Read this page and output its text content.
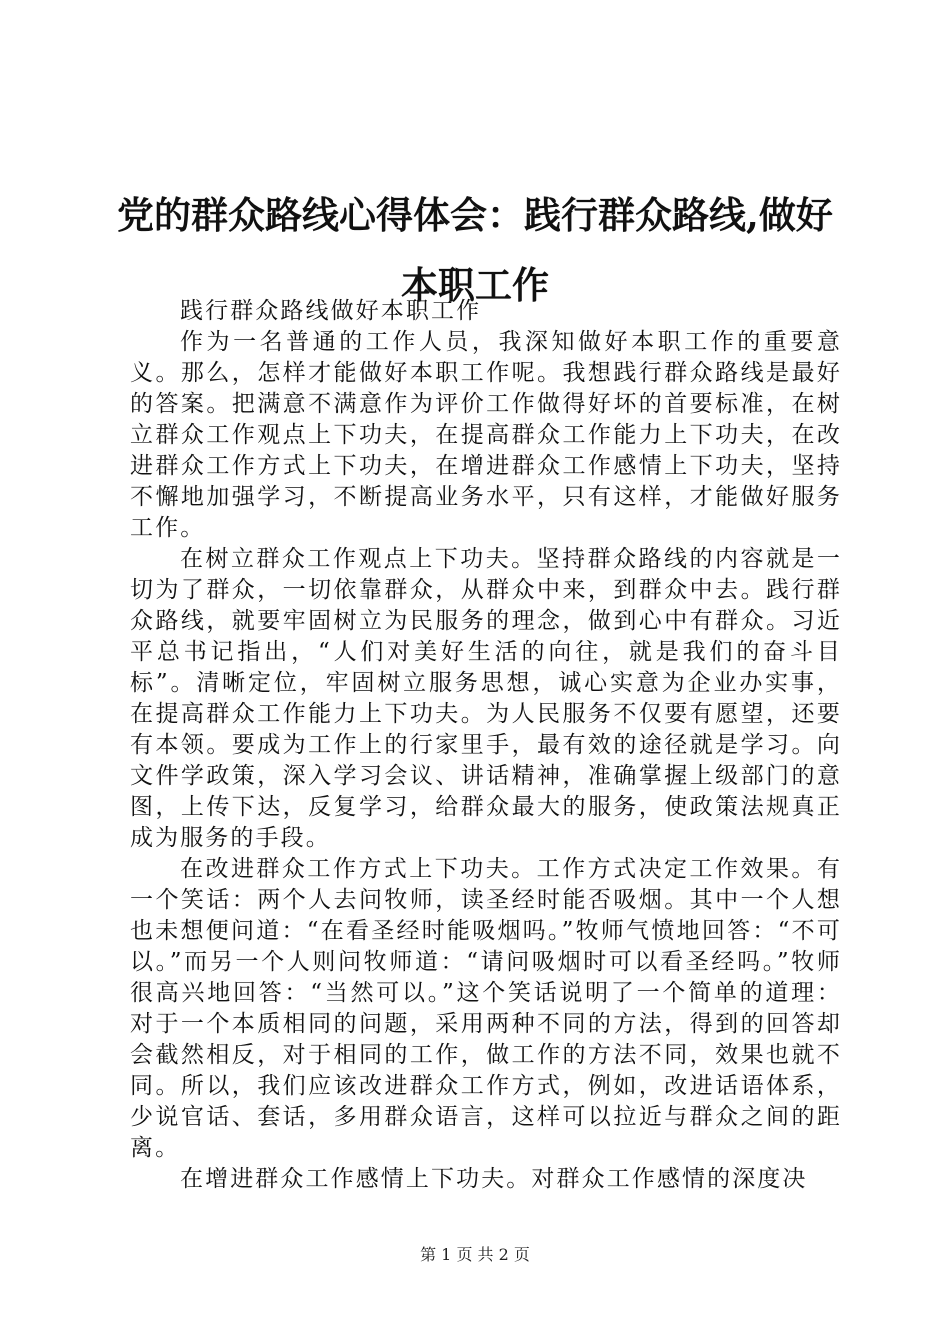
党的群众路线心得体会：践行群众路线,做好本职工作

践行群众路线做好本职工作

作为一名普通的工作人员，我深知做好本职工作的重要意义。那么，怎样才能做好本职工作呢。我想践行群众路线是最好的答案。把满意不满意作为评价工作做得好坏的首要标准，在树立群众工作观点上下功夫，在提高群众工作能力上下功夫，在改进群众工作方式上下功夫，在增进群众工作感情上下功夫，坚持不懈地加强学习，不断提高业务水平，只有这样，才能做好服务工作。

在树立群众工作观点上下功夫。坚持群众路线的内容就是一切为了群众，一切依靠群众，从群众中来，到群众中去。践行群众路线，就要牢固树立为民服务的理念，做到心中有群众。习近平总书记指出，“人们对美好生活的向往，就是我们的奋斗目标”。清晰定位，牢固树立服务思想，诚心实意为企业办实事，在提高群众工作能力上下功夫。为人民服务不仅要有愿望，还要有本领。要成为工作上的行家里手，最有效的途径就是学习。向文件学政策，深入学习会议、讲话精神，准确掌握上级部门的意图，上传下达，反复学习，给群众最大的服务，使政策法规真正成为服务的手段。

在改进群众工作方式上下功夫。工作方式决定工作效果。有一个笑话：两个人去问牧师，读圣经时能否吸烟。其中一个人想也未想便问道：“在看圣经时能吸烟吗。”牧师气愤地回答：“不可以。”而另一个人则问牧师道：“请问吸烟时可以看圣经吗。”牧师很高兴地回答：“当然可以。”这个笑话说明了一个简单的道理：对于一个本质相同的问题，采用两种不同的方法，得到的回答却会截然相反，对于相同的工作，做工作的方法不同，效果也就不同。所以，我们应该改进群众工作方式，例如，改进话语体系，少说官话、套话，多用群众语言，这样可以拉近与群众之间的距离。

在增进群众工作感情上下功夫。对群众工作感情的深度决

第 1 页 共 2 页
